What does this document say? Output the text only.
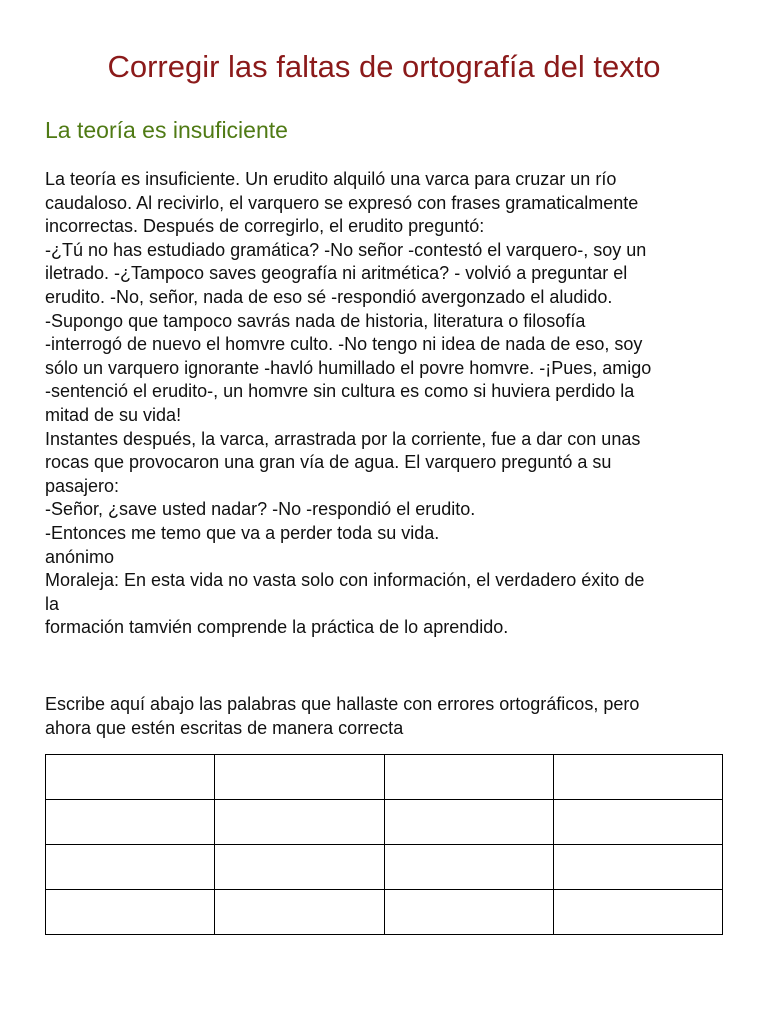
Corregir las faltas de ortografía del texto
La teoría es insuficiente
La teoría es insuficiente. Un erudito alquiló una varca para cruzar un río
caudaloso. Al recivirlo, el varquero se expresó con frases gramaticalmente
incorrectas. Después de corregirlo, el erudito preguntó:
-¿Tú no has estudiado gramática? -No señor -contestó el varquero-, soy un
iletrado. -¿Tampoco saves geografía ni aritmética? - volvió a preguntar el
erudito. -No, señor, nada de eso sé -respondió avergonzado el aludido.
-Supongo que tampoco savrás nada de historia, literatura o filosofía
-interrogó de nuevo el homvre culto. -No tengo ni idea de nada de eso, soy
sólo un varquero ignorante -havló humillado el povre homvre. -¡Pues, amigo
-sentenció el erudito-, un homvre sin cultura es como si huviera perdido la
mitad de su vida!
Instantes después, la varca, arrastrada por la corriente, fue a dar con unas
rocas que provocaron una gran vía de agua. El varquero preguntó a su
pasajero:
-Señor, ¿save usted nadar? -No -respondió el erudito.
-Entonces me temo que va a perder toda su vida.
anónimo
Moraleja: En esta vida no vasta solo con información, el verdadero éxito de
la
formación tamvién comprende la práctica de lo aprendido.
Escribe aquí abajo las palabras que hallaste con errores ortográficos, pero
ahora que estén escritas de manera correcta
